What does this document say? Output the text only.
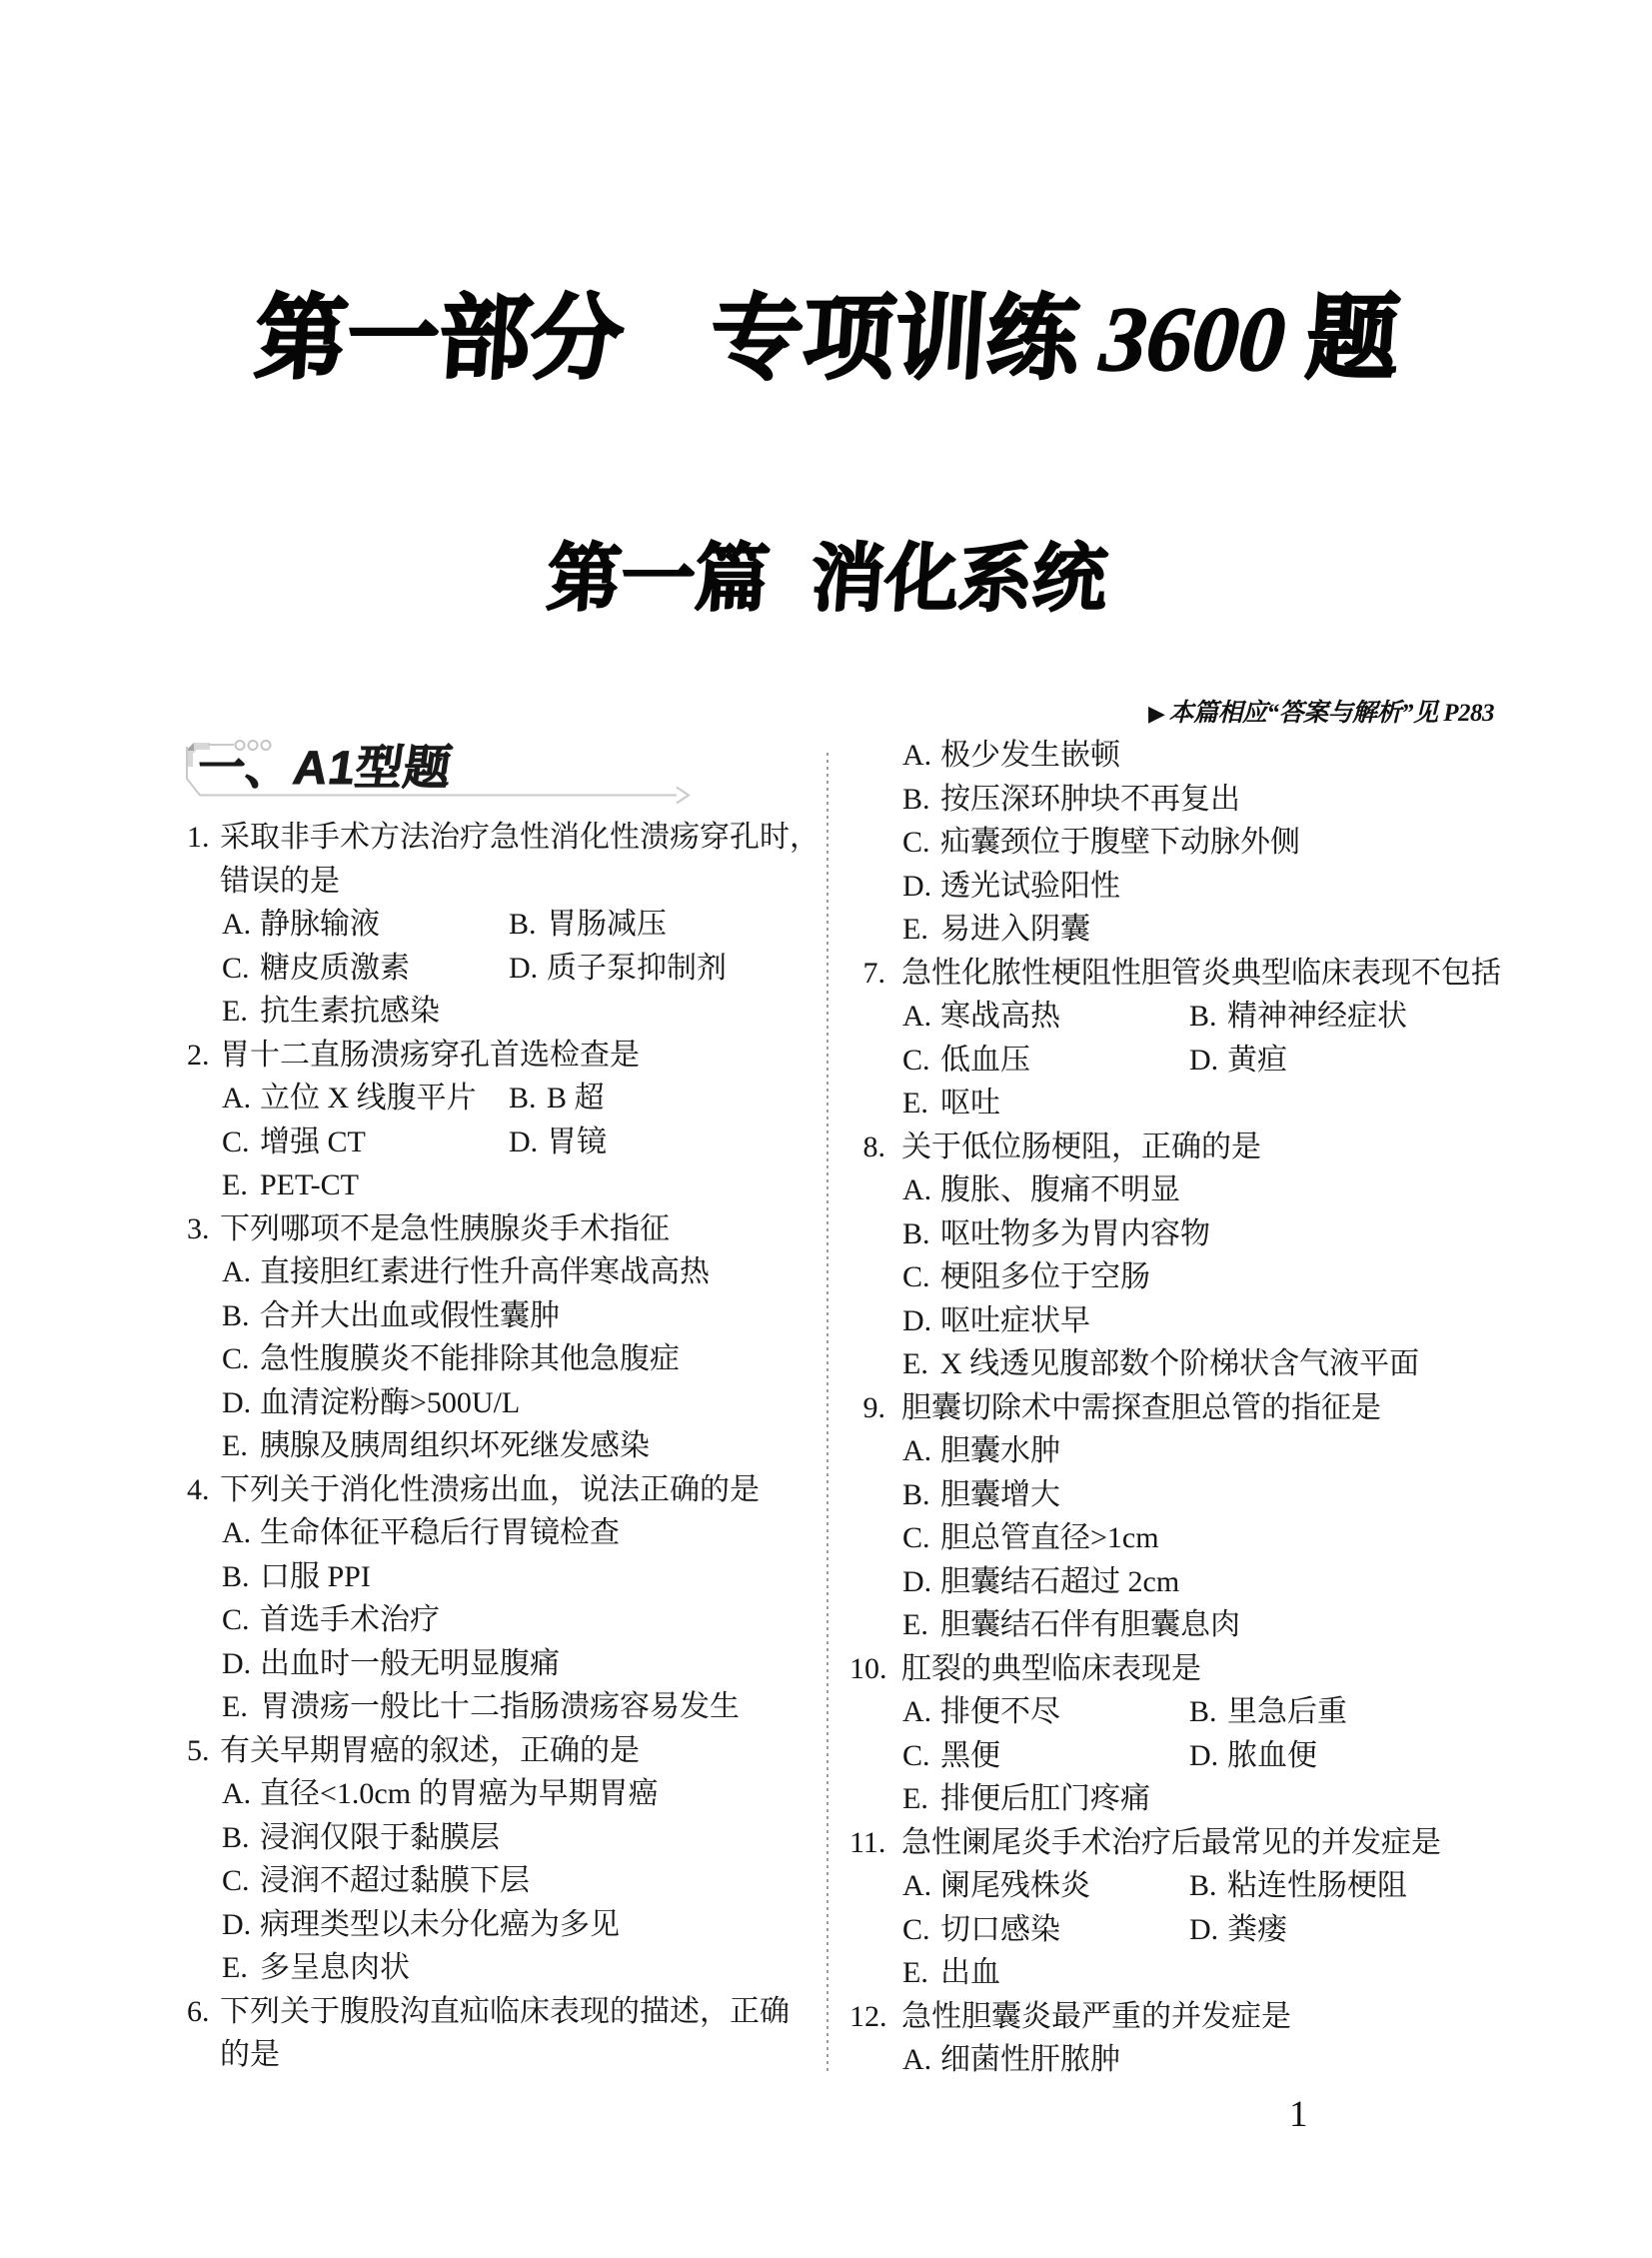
第一部分 专项训练 3600 题
第一篇 消化系统
▶ 本篇相应“答案与解析”见 P283
一、A1型题
1. 采取非手术方法治疗急性消化性溃疡穿孔时，
错误的是
A. 静脉输液	B. 胃肠减压
C. 糖皮质激素	D. 质子泵抑制剂
E. 抗生素抗感染
2. 胃十二直肠溃疡穿孔首选检查是
A. 立位 X 线腹平片 B. B 超
C. 增强 CT	D. 胃镜
E. PET-CT
3. 下列哪项不是急性胰腺炎手术指征
A. 直接胆红素进行性升高伴寒战高热
B. 合并大出血或假性囊肿
C. 急性腹膜炎不能排除其他急腹症
D. 血清淀粉酶>500U/L
E. 胰腺及胰周组织坏死继发感染
4. 下列关于消化性溃疡出血，说法正确的是
A. 生命体征平稳后行胃镜检查
B. 口服 PPI
C. 首选手术治疗
D. 出血时一般无明显腹痛
E. 胃溃疡一般比十二指肠溃疡容易发生
5. 有关早期胃癌的叙述，正确的是
A. 直径<1.0cm 的胃癌为早期胃癌
B. 浸润仅限于黏膜层
C. 浸润不超过黏膜下层
D. 病理类型以未分化癌为多见
E. 多呈息肉状
6. 下列关于腹股沟直疝临床表现的描述，正确
的是
A. 极少发生嵌顿
B. 按压深环肿块不再复出
C. 疝囊颈位于腹壁下动脉外侧
D. 透光试验阳性
E. 易进入阴囊
7. 急性化脓性梗阻性胆管炎典型临床表现不包括
A. 寒战高热	B. 精神神经症状
C. 低血压	D. 黄疸
E. 呕吐
8. 关于低位肠梗阻，正确的是
A. 腹胀、腹痛不明显
B. 呕吐物多为胃内容物
C. 梗阻多位于空肠
D. 呕吐症状早
E. X 线透见腹部数个阶梯状含气液平面
9. 胆囊切除术中需探查胆总管的指征是
A. 胆囊水肿
B. 胆囊增大
C. 胆总管直径>1cm
D. 胆囊结石超过 2cm
E. 胆囊结石伴有胆囊息肉
10. 肛裂的典型临床表现是
A. 排便不尽	B. 里急后重
C. 黑便	D. 脓血便
E. 排便后肛门疼痛
11. 急性阑尾炎手术治疗后最常见的并发症是
A. 阑尾残株炎	B. 粘连性肠梗阻
C. 切口感染	D. 粪瘘
E. 出血
12. 急性胆囊炎最严重的并发症是
A. 细菌性肝脓肿
1
